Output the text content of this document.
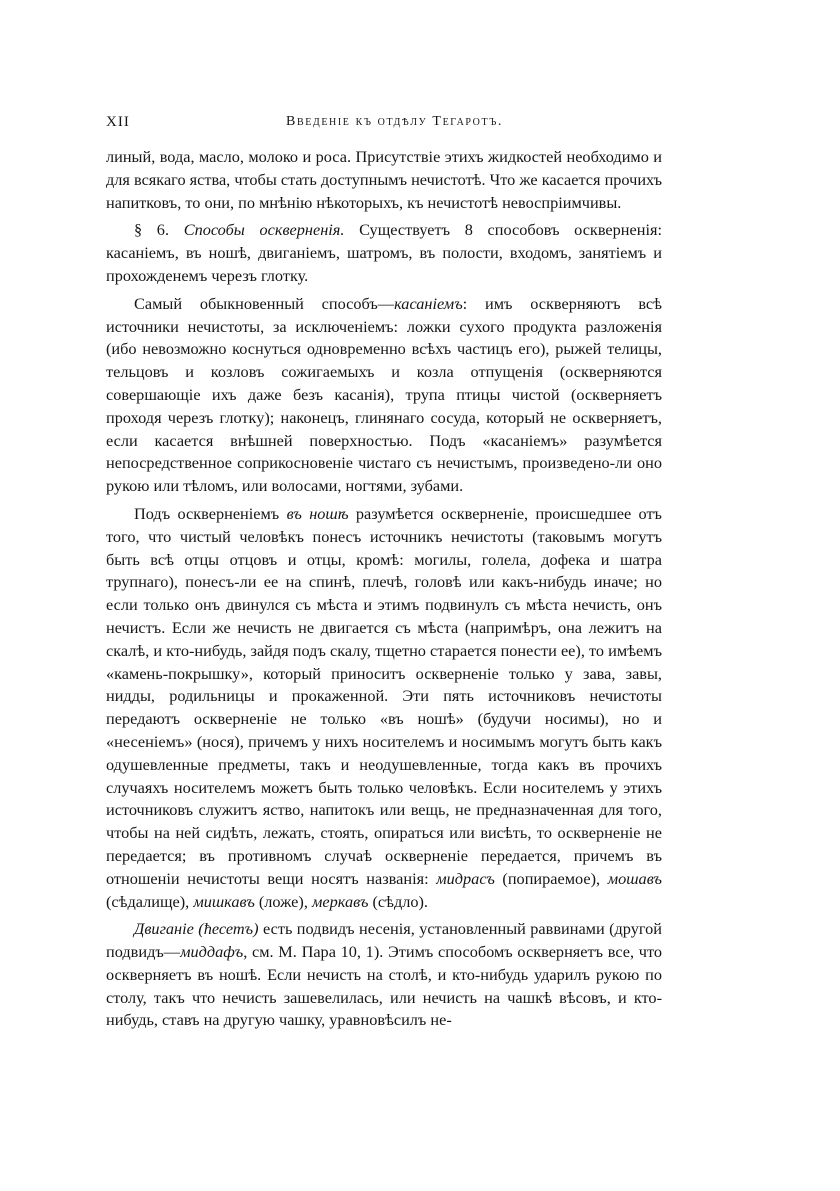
XII	Введеніе къ отдѣлу Тегаротъ.

линый, вода, масло, молоко и роса. Присутствіе этихъ жидкостей необходимо и для всякаго яства, чтобы стать доступнымъ нечистотѣ. Что же касается прочихъ напитковъ, то они, по мнѣнію нѣкоторыхъ, къ нечистотѣ невоспріимчивы.

§ 6. Способы оскверненія. Существуетъ 8 способовъ оскверненія: касаніемъ, въ ношѣ, двиганіемъ, шатромъ, въ полости, входомъ, занятіемъ и прохожденемъ черезъ глотку.

Самый обыкновенный способъ—касаніемъ: имъ оскверняютъ всѣ источники нечистоты, за исключеніемъ: ложки сухого продукта разложенія (ибо невозможно коснуться одновременно всѣхъ частицъ его), рыжей телицы, тельцовъ и козловъ сожигаемыхъ и козла отпущенія (оскверняются совершающіе ихъ даже безъ касанія), трупа птицы чистой (оскверняетъ проходя черезъ глотку); наконецъ, глинянаго сосуда, который не оскверняетъ, если касается внѣшней поверхностью. Подъ «касаніемъ» разумѣется непосредственное соприкосновеніе чистаго съ нечистымъ, произведено-ли оно рукою или тѣломъ, или волосами, ногтями, зубами.

Подъ оскверненіемъ въ ношѣ разумѣется оскверненіе, происшедшее отъ того, что чистый человѣкъ понесъ источникъ нечистоты (таковымъ могутъ быть всѣ отцы отцовъ и отцы, кромѣ: могилы, голела, дофека и шатра трупнаго), понесъ-ли ее на спинѣ, плечѣ, головѣ или какъ-нибудь иначе; но если только онъ двинулся съ мѣста и этимъ подвинулъ съ мѣста нечисть, онъ нечистъ. Если же нечисть не двигается съ мѣста (напримѣръ, она лежитъ на скалѣ, и кто-нибудь, зайдя подъ скалу, тщетно старается понести ее), то имѣемъ «камень-покрышку», который приноситъ оскверненіе только у зава, завы, нидды, родильницы и прокаженной. Эти пять источниковъ нечистоты передаютъ оскверненіе не только «въ ношѣ» (будучи носимы), но и «несеніемъ» (нося), причемъ у нихъ носителемъ и носимымъ могутъ быть какъ одушевленные предметы, такъ и неодушевленные, тогда какъ въ прочихъ случаяхъ носителемъ можетъ быть только человѣкъ. Если носителемъ у этихъ источниковъ служитъ яство, напитокъ или вещь, не предназначенная для того, чтобы на ней сидѣть, лежать, стоять, опираться или висѣть, то оскверненіе не передается; въ противномъ случаѣ оскверненіе передается, причемъ въ отношеніи нечистоты вещи носятъ названія: мидрасъ (попираемое), мошавъ (сѣдалище), мишкавъ (ложе), меркавъ (сѣдло).

Двиганіе (ћесетъ) есть подвидъ несенія, установленный раввинами (другой подвидъ—миддафъ, см. М. Пара 10, 1). Этимъ способомъ оскверняетъ все, что оскверняетъ въ ношѣ. Если нечисть на столѣ, и кто-нибудь ударилъ рукою по столу, такъ что нечисть зашевелилась, или нечисть на чашкѣ вѣсовъ, и кто-нибудь, ставъ на другую чашку, уравновѣсилъ не-
